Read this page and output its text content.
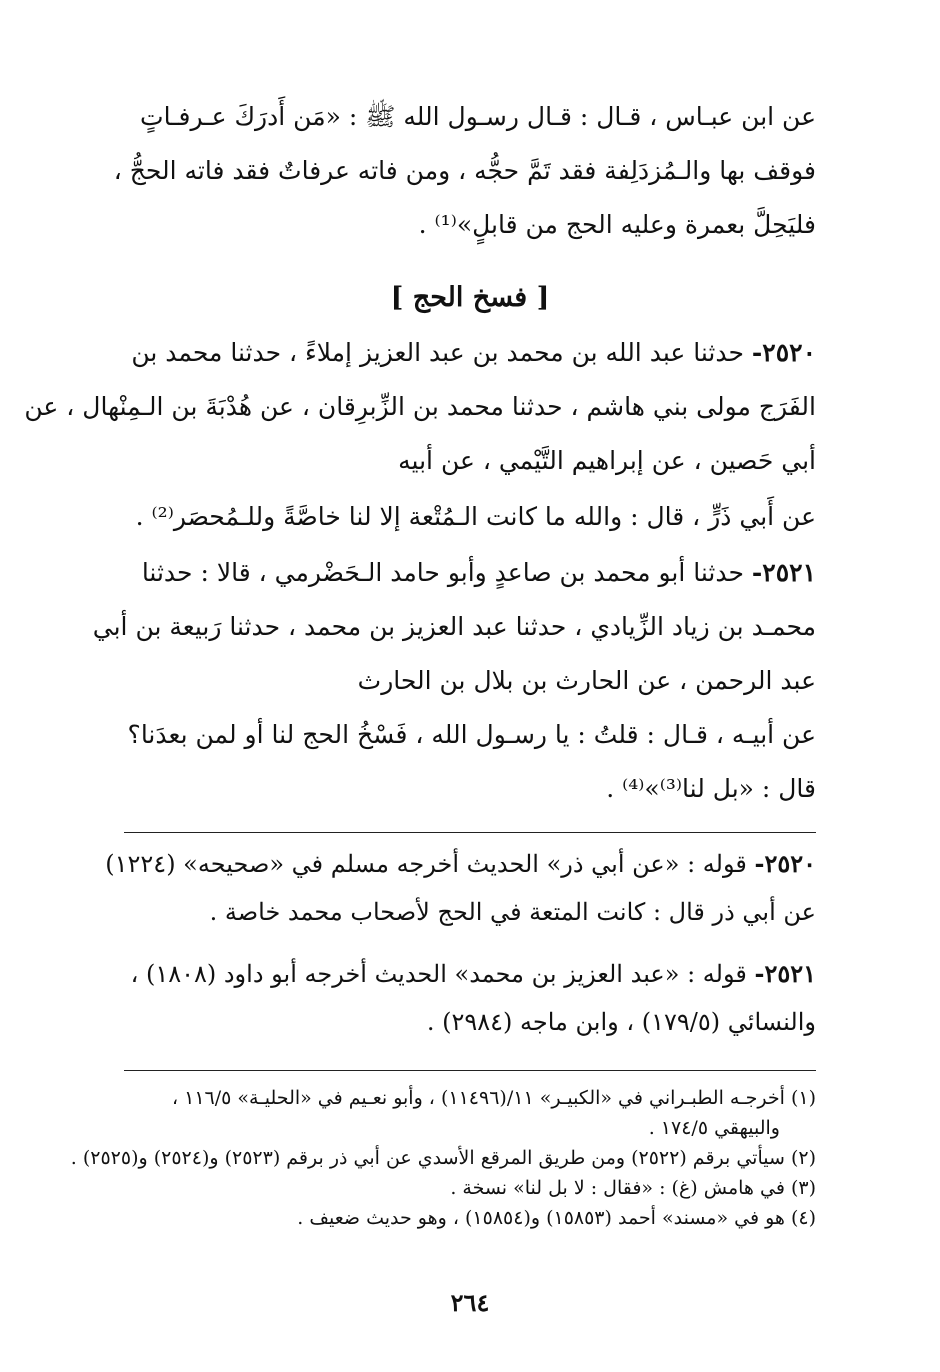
عن ابن عبـاس ، قـال : قـال رسـول الله ﷺ : «مَن أَدرَكَ عـرفـاتٍ
فوقف بها والـمُزدَلِفة فقد تَمَّ حجُّه ، ومن فاته عرفاتٌ فقد فاته الحجُّ ،
فليَحِلَّ بعمرة وعليه الحج من قابلٍ»⁽¹⁾ .
[ فسخ الحج ]
٢٥٢٠- حدثنا عبد الله بن محمد بن عبد العزيز إملاءً ، حدثنا محمد بن
الفَرَج مولى بني هاشم ، حدثنا محمد بن الزِّبرِقان ، عن هُدْبَةَ بن الـمِنْهال ، عن
أبي حَصين ، عن إبراهيم التَّيْمي ، عن أبيه
عن أَبي ذَرٍّ ، قال : والله ما كانت الـمُتْعة إلا لنا خاصَّةً وللـمُحصَر⁽²⁾ .
٢٥٢١- حدثنا أبو محمد بن صاعدٍ وأبو حامد الـحَضْرمي ، قالا : حدثنا
محمـد بن زياد الزِّيادي ، حدثنا عبد العزيز بن محمد ، حدثنا رَبيعة بن أبي
عبد الرحمن ، عن الحارث بن بلال بن الحارث
عن أبيـه ، قـال : قلتُ : يا رسـول الله ، فَسْخُ الحج لنا أو لمن بعدَنا؟
قال : «بل لنا⁽³⁾»⁽⁴⁾ .
٢٥٢٠- قوله : «عن أبي ذر» الحديث أخرجه مسلم في «صحيحه» (١٢٢٤)
عن أبي ذر قال : كانت المتعة في الحج لأصحاب محمد خاصة .
٢٥٢١- قوله : «عبد العزيز بن محمد» الحديث أخرجه أبو داود (١٨٠٨) ،
والنسائي (١٧٩/٥) ، وابن ماجه (٢٩٨٤) .
(١) أخرجـه الطبـراني في «الكبيـر» ١١/(١١٤٩٦) ، وأبو نعـيم في «الحليـة» ١١٦/٥ ،
والبيهقي ١٧٤/٥ .
(٢) سيأتي برقم (٢٥٢٢) ومن طريق المرقع الأسدي عن أبي ذر برقم (٢٥٢٣) و(٢٥٢٤) و(٢٥٢٥) .
(٣) في هامش (غ) : «فقال : لا بل لنا» نسخة .
(٤) هو في «مسند» أحمد (١٥٨٥٣) و(١٥٨٥٤) ، وهو حديث ضعيف .
٢٦٤
